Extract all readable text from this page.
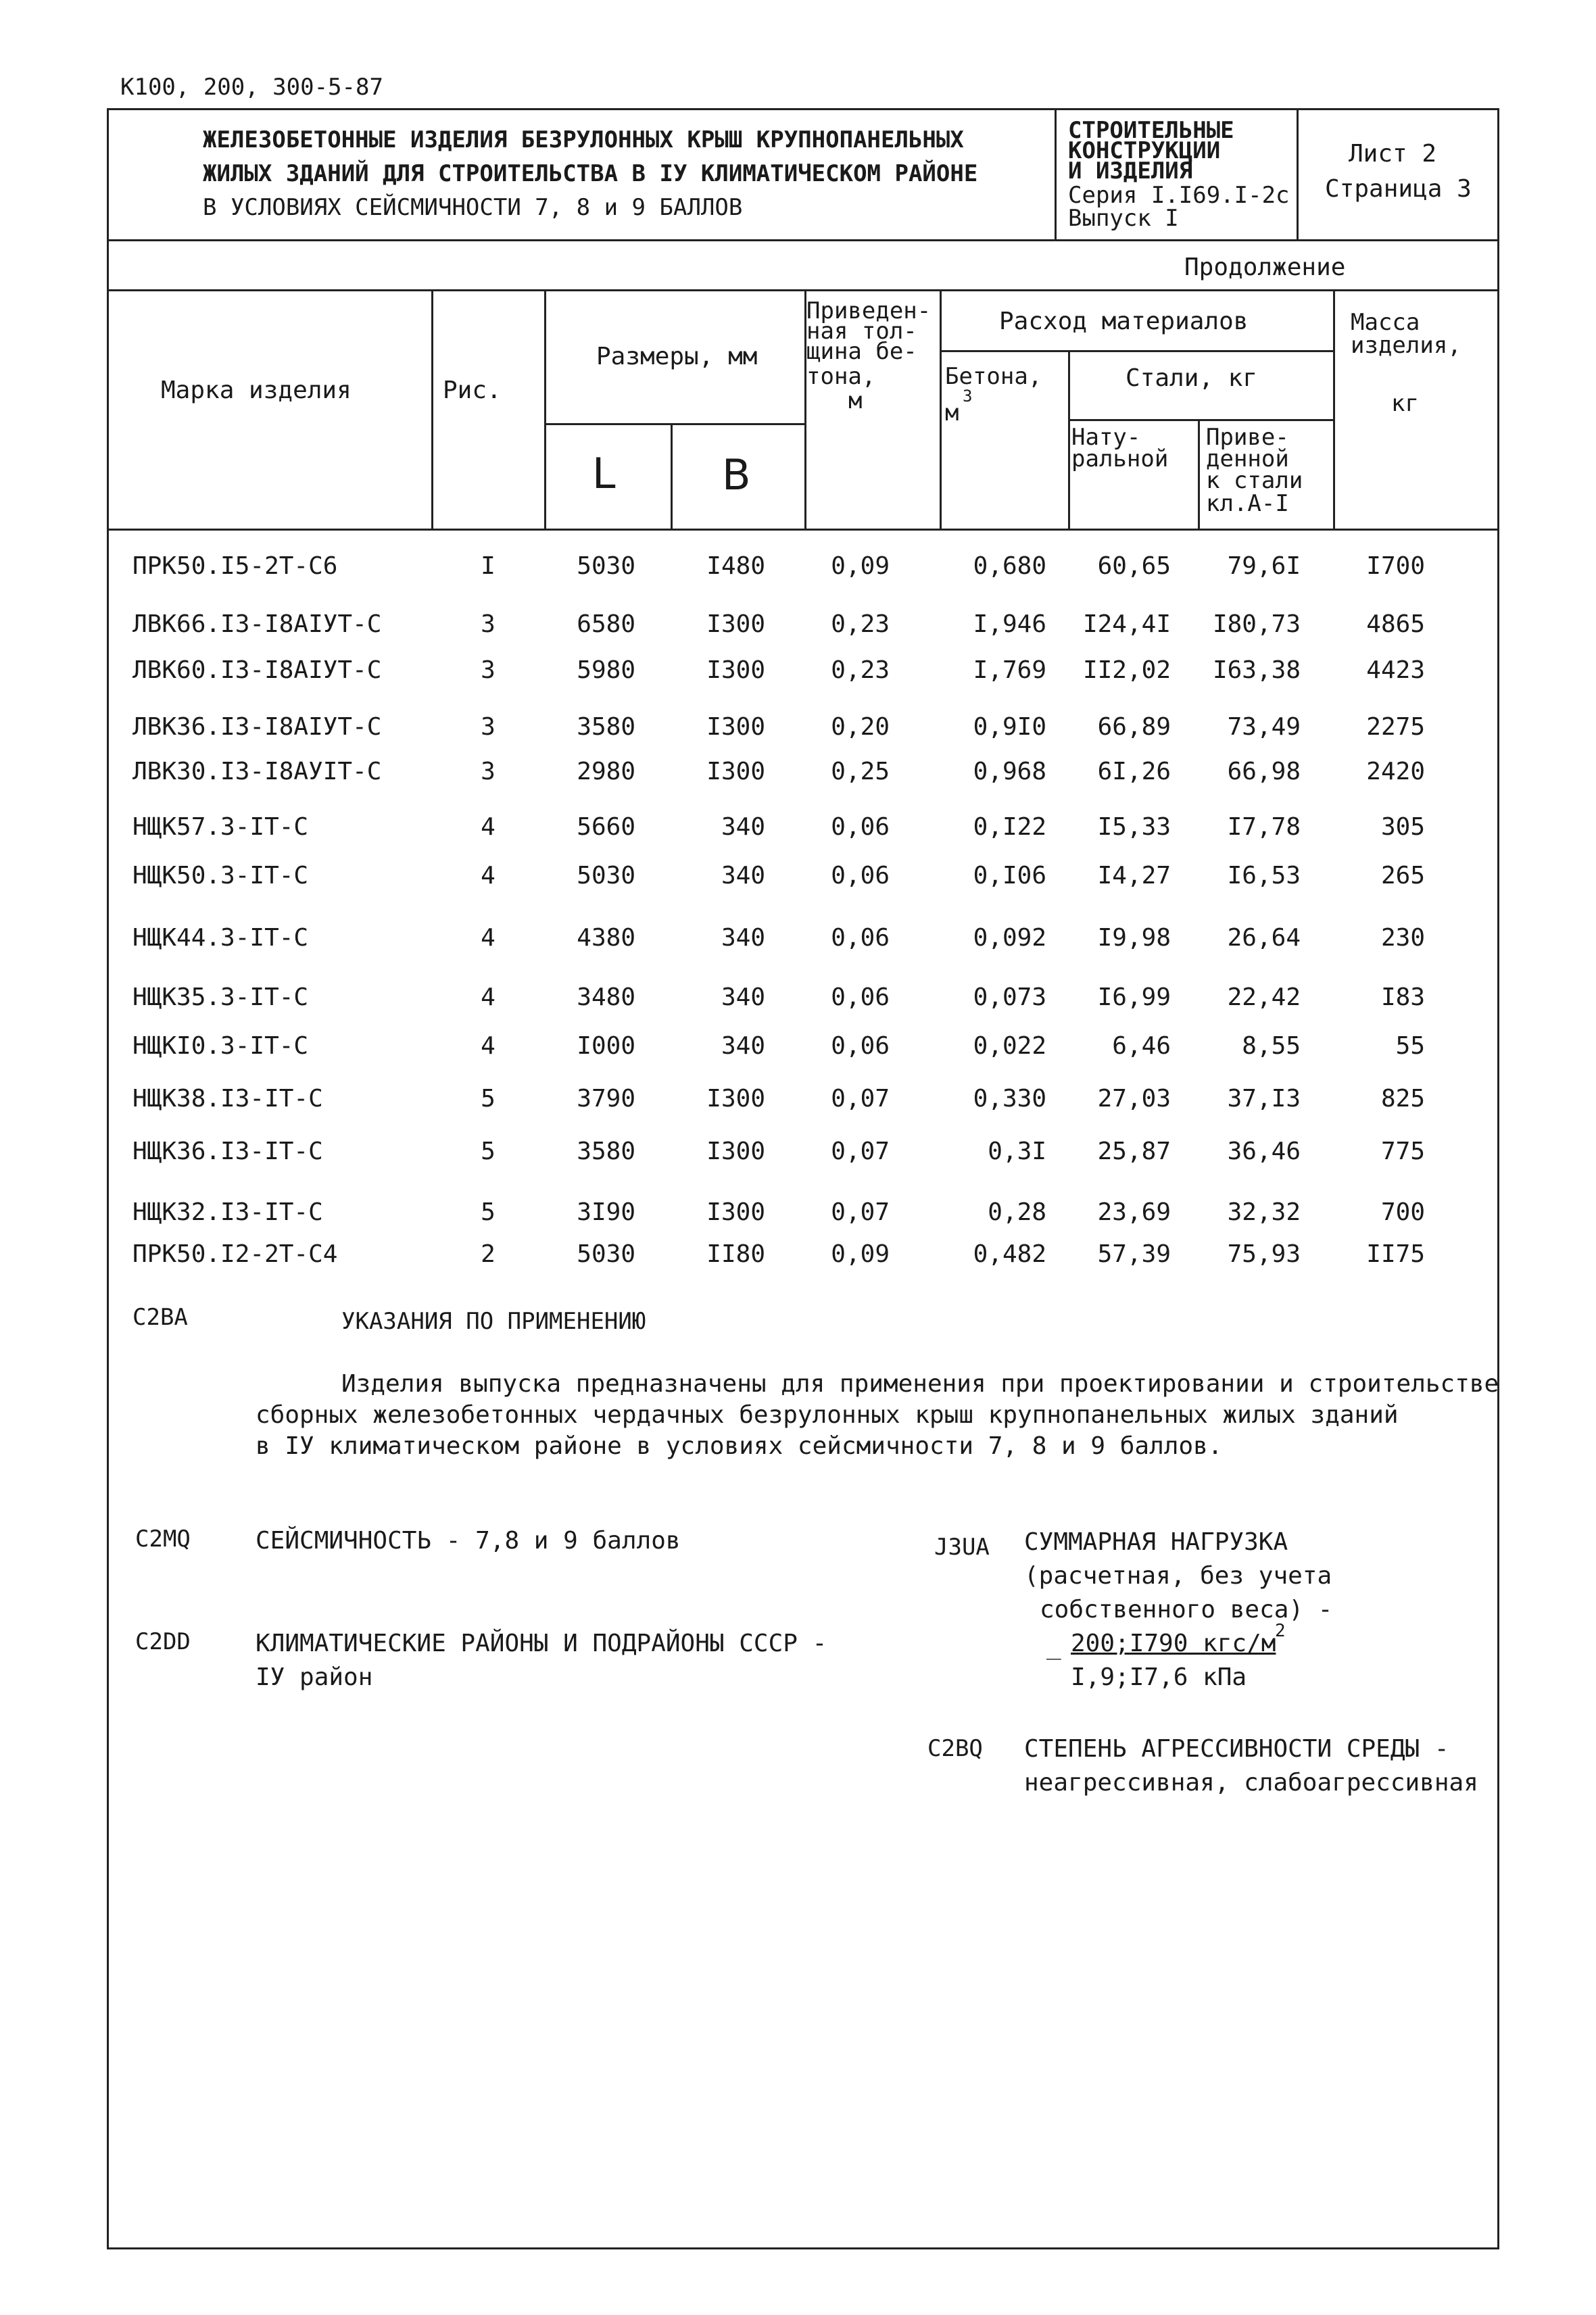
K100, 200, 300-5-87
ЖЕЛЕЗОБЕТОННЫЕ ИЗДЕЛИЯ БЕЗРУЛОННЫХ КРЫШ КРУПНОПАНЕЛЬНЫХ
ЖИЛЫХ ЗДАНИЙ ДЛЯ СТРОИТЕЛЬСТВА В IУ КЛИМАТИЧЕСКОМ РАЙОНЕ
В УСЛОВИЯХ СЕЙСМИЧНОСТИ 7, 8 и 9 БАЛЛОВ
СТРОИТЕЛЬНЫЕ
КОНСТРУКЦИИ
И ИЗДЕЛИЯ
Серия I.I69.I-2с
Выпуск I
Лист 2
Страница 3
Продолжение
Марка изделия	Рис.
Размеры, мм
L	B
Приведен-
ная тол-
щина бе-
тона,
м
Расход материалов
Бетона,
м
3
Стали, кг
Нату-
ральной
Приве-
денной
к стали
кл.А-I
Масса
изделия,
кг
ПРК50.I5-2Т-С6	I	5030	I480	0,09	0,680	60,65	79,6I	I700
ЛВК66.I3-I8АIУТ-С	3	6580	I300	0,23	I,946	I24,4I	I80,73	4865
ЛВК60.I3-I8АIУТ-С	3	5980	I300	0,23	I,769	II2,02	I63,38	4423
ЛВК36.I3-I8АIУТ-С	3	3580	I300	0,20	0,9I0	66,89	73,49	2275
ЛВК30.I3-I8АУIТ-С	3	2980	I300	0,25	0,968	6I,26	66,98	2420
НЩК57.3-IТ-С	4	5660	340	0,06	0,I22	I5,33	I7,78	305
НЩК50.3-IТ-С	4	5030	340	0,06	0,I06	I4,27	I6,53	265
НЩК44.3-IТ-С	4	4380	340	0,06	0,092	I9,98	26,64	230
НЩК35.3-IТ-С	4	3480	340	0,06	0,073	I6,99	22,42	I83
НЩКI0.3-IТ-С	4	I000	340	0,06	0,022	6,46	8,55	55
НЩК38.I3-IТ-С	5	3790	I300	0,07	0,330	27,03	37,I3	825
НЩК36.I3-IТ-С	5	3580	I300	0,07	0,3I	25,87	36,46	775
НЩК32.I3-IТ-С	5	3I90	I300	0,07	0,28	23,69	32,32	700
ПРК50.I2-2Т-С4	2	5030	II80	0,09	0,482	57,39	75,93	II75
C2BA	УКАЗАНИЯ ПО ПРИМЕНЕНИЮ
Изделия выпуска предназначены для применения при проектировании и строительстве
сборных железобетонных чердачных безрулонных крыш крупнопанельных жилых зданий
в IУ климатическом районе в условиях сейсмичности 7, 8 и 9 баллов.
C2MQ	СЕЙСМИЧНОСТЬ - 7,8 и 9 баллов
C2DD	КЛИМАТИЧЕСКИЕ РАЙОНЫ И ПОДРАЙОНЫ СССР -
IУ район
J3UA СУММАРНАЯ НАГРУЗКА
(расчетная, без учета
собственного веса) -
_ 200;I790 кгс/м
2
I,9;I7,6 кПа
C2BQ СТЕПЕНЬ АГРЕССИВНОСТИ СРЕДЫ -
неагрессивная, слабоагрессивная
